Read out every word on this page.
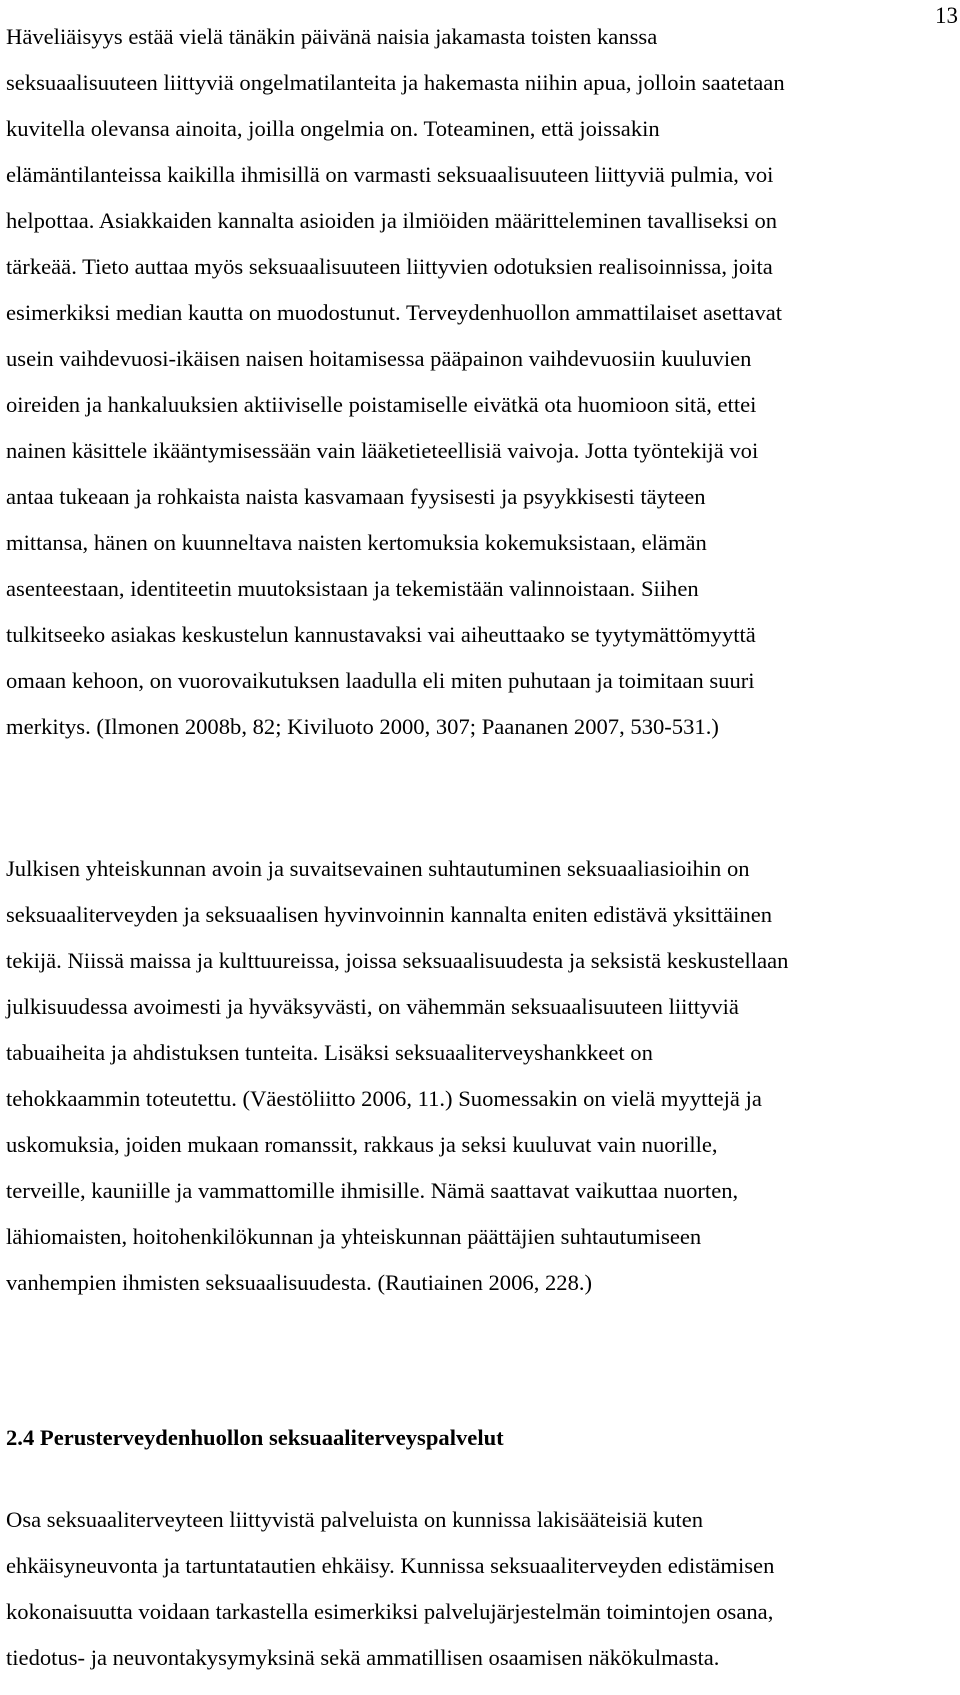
13

Häveliäisyys estää vielä tänäkin päivänä naisia jakamasta toisten kanssa
seksuaalisuuteen liittyviä ongelmatilanteita ja hakemasta niihin apua, jolloin saatetaan
kuvitella olevansa ainoita, joilla ongelmia on. Toteaminen, että joissakin
elämäntilanteissa kaikilla ihmisillä on varmasti seksuaalisuuteen liittyviä pulmia, voi
helpottaa. Asiakkaiden kannalta asioiden ja ilmiöiden määritteleminen tavalliseksi on
tärkeää. Tieto auttaa myös seksuaalisuuteen liittyvien odotuksien realisoinnissa, joita
esimerkiksi median kautta on muodostunut. Terveydenhuollon ammattilaiset asettavat
usein vaihdevuosi-ikäisen naisen hoitamisessa pääpainon vaihdevuosiin kuuluvien
oireiden ja hankaluuksien aktiiviselle poistamiselle eivätkä ota huomioon sitä, ettei
nainen käsittele ikääntymisessään vain lääketieteellisiä vaivoja. Jotta työntekijä voi
antaa tukeaan ja rohkaista naista kasvamaan fyysisesti ja psyykkisesti täyteen
mittansa, hänen on kuunneltava naisten kertomuksia kokemuksistaan, elämän
asenteestaan, identiteetin muutoksistaan ja tekemistään valinnoistaan. Siihen
tulkitseeko asiakas keskustelun kannustavaksi vai aiheuttaako se tyytymättömyyttä
omaan kehoon, on vuorovaikutuksen laadulla eli miten puhutaan ja toimitaan suuri
merkitys. (Ilmonen 2008b, 82; Kiviluoto 2000, 307; Paananen 2007, 530-531.)

Julkisen yhteiskunnan avoin ja suvaitsevainen suhtautuminen seksuaaliasioihin on
seksuaaliterveyden ja seksuaalisen hyvinvoinnin kannalta eniten edistävä yksittäinen
tekijä. Niissä maissa ja kulttuureissa, joissa seksuaalisuudesta ja seksistä keskustellaan
julkisuudessa avoimesti ja hyväksyvästi, on vähemmän seksuaalisuuteen liittyviä
tabuaiheita ja ahdistuksen tunteita. Lisäksi seksuaaliterveyshankkeet on
tehokkaammin toteutettu. (Väestöliitto 2006, 11.) Suomessakin on vielä myyttejä ja
uskomuksia, joiden mukaan romanssit, rakkaus ja seksi kuuluvat vain nuorille,
terveille, kauniille ja vammattomille ihmisille. Nämä saattavat vaikuttaa nuorten,
lähiomaisten, hoitohenkilökunnan ja yhteiskunnan päättäjien suhtautumiseen
vanhempien ihmisten seksuaalisuudesta. (Rautiainen 2006, 228.)

2.4 Perusterveydenhuollon seksuaaliterveyspalvelut

Osa seksuaaliterveyteen liittyvistä palveluista on kunnissa lakisääteisiä kuten
ehkäisyneuvonta ja tartuntatautien ehkäisy. Kunnissa seksuaaliterveyden edistämisen
kokonaisuutta voidaan tarkastella esimerkiksi palvelujärjestelmän toimintojen osana,
tiedotus- ja neuvontakysymyksinä sekä ammatillisen osaamisen näkökulmasta.
